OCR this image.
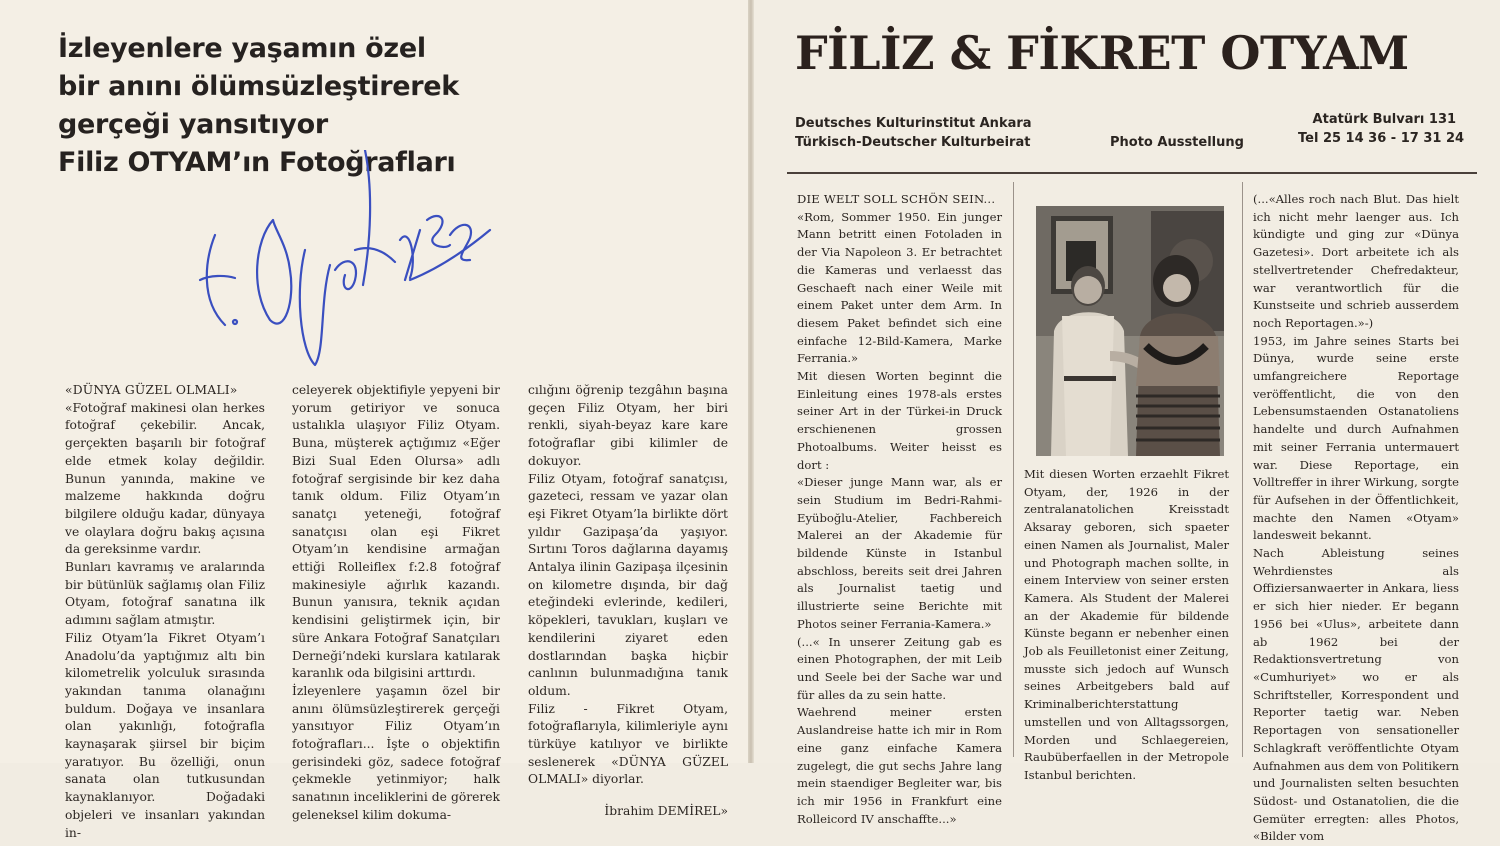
İzleyenlere yaşamın özel
bir anını ölümsüzleştirerek
gerçeği yansıtıyor
Filiz OTYAM’ın Fotoğrafları

«DÜNYA GÜZEL OLMALI»

«Fotoğraf makinesi olan herkes fotoğraf çekebilir. Ancak, gerçekten başarılı bir fotoğraf elde etmek kolay değildir. Bunun yanında, makine ve malzeme hakkında doğru bilgilere olduğu kadar, dünyaya ve olaylara doğru bakış açısına da gereksinme vardır.

Bunları kavramış ve aralarında bir bütünlük sağlamış olan Filiz Otyam, fotoğraf sanatına ilk adımını sağlam atmıştır.

Filiz Otyam’la Fikret Otyam’ı Anadolu’da yaptığımız altı bin kilometrelik yolculuk sırasında yakından tanıma olanağını buldum. Doğaya ve insanlara olan yakınlığı, fotoğrafla kaynaşarak şiirsel bir biçim yaratıyor. Bu özelliği, onun sanata olan tutkusundan kaynaklanıyor. Doğadaki objeleri ve insanları yakından in-

celeyerek objektifiyle yepyeni bir yorum getiriyor ve sonuca ustalıkla ulaşıyor Filiz Otyam. Buna, müşterek açtığımız «Eğer Bizi Sual Eden Olursa» adlı fotoğraf sergisinde bir kez daha tanık oldum. Filiz Otyam’ın sanatçı yeteneği, fotoğraf sanatçısı olan eşi Fikret Otyam’ın kendisine armağan ettiği Rolleiflex f:2.8 fotoğraf makinesiyle ağırlık kazandı. Bunun yanısıra, teknik açıdan kendisini geliştirmek için, bir süre Ankara Fotoğraf Sanatçıları Derneği’ndeki kurslara katılarak karanlık oda bilgisini arttırdı.

İzleyenlere yaşamın özel bir anını ölümsüzleştirerek gerçeği yansıtıyor Filiz Otyam’ın fotoğrafları... İşte o objektifin gerisindeki göz, sadece fotoğraf çekmekle yetinmiyor; halk sanatının inceliklerini de görerek geleneksel kilim dokuma-

cılığını öğrenip tezgâhın başına geçen Filiz Otyam, her biri renkli, siyah-beyaz kare kare fotoğraflar gibi kilimler de dokuyor.

Filiz Otyam, fotoğraf sanatçısı, gazeteci, ressam ve yazar olan eşi Fikret Otyam’la birlikte dört yıldır Gazipaşa’da yaşıyor. Sırtını Toros dağlarına dayamış Antalya ilinin Gazipaşa ilçesinin on kilometre dışında, bir dağ eteğindeki evlerinde, kedileri, köpekleri, tavukları, kuşları ve kendilerini ziyaret eden dostlarından başka hiçbir canlının bulunmadığına tanık oldum.

Filiz - Fikret Otyam, fotoğraflarıyla, kilimleriyle aynı türküye katılıyor ve birlikte seslenerek «DÜNYA GÜZEL OLMALI» diyorlar.

İbrahim DEMİREL»

FİLİZ & FİKRET OTYAM
Deutsches Kulturinstitut Ankara
Türkisch-Deutscher Kulturbeirat	Photo Ausstellung
Atatürk Bulvarı 131
Tel 25 14 36 - 17 31 24

DIE WELT SOLL SCHÖN SEIN...

«Rom, Sommer 1950. Ein junger Mann betritt einen Fotoladen in der Via Napoleon 3. Er betrachtet die Kameras und verlaesst das Geschaeft nach einer Weile mit einem Paket unter dem Arm. In diesem Paket befindet sich eine einfache 12-Bild-Kamera, Marke Ferrania.»

Mit diesen Worten beginnt die Einleitung eines 1978-als erstes seiner Art in der Türkei-in Druck erschienenen grossen Photoalbums. Weiter heisst es dort :

«Dieser junge Mann war, als er sein Studium im Bedri-Rahmi-Eyüboğlu-Atelier, Fachbereich Malerei an der Akademie für bildende Künste in Istanbul abschloss, bereits seit drei Jahren als Journalist taetig und illustrierte seine Berichte mit Photos seiner Ferrania-Kamera.»

(...« In unserer Zeitung gab es einen Photographen, der mit Leib und Seele bei der Sache war und für alles da zu sein hatte.

Waehrend meiner ersten Auslandreise hatte ich mir in Rom eine ganz einfache Kamera zugelegt, die gut sechs Jahre lang mein staendiger Begleiter war, bis ich mir 1956 in Frankfurt eine Rolleicord IV anschaffte...»

Mit diesen Worten erzaehlt Fikret Otyam, der, 1926 in der zentralanatolichen Kreisstadt Aksaray geboren, sich spaeter einen Namen als Journalist, Maler und Photograph machen sollte, in einem Interview von seiner ersten Kamera. Als Student der Malerei an der Akademie für bildende Künste begann er nebenher einen Job als Feuilletonist einer Zeitung, musste sich jedoch auf Wunsch seines Arbeitgebers bald auf Kriminalberichterstattung umstellen und von Alltagssorgen, Morden und Schlaegereien, Raubüberfaellen in der Metropole Istanbul berichten.

(...«Alles roch nach Blut. Das hielt ich nicht mehr laenger aus. Ich kündigte und ging zur «Dünya Gazetesi». Dort arbeitete ich als stellvertretender Chefredakteur, war verantwortlich für die Kunstseite und schrieb ausserdem noch Reportagen.»-)

1953, im Jahre seines Starts bei Dünya, wurde seine erste umfangreichere Reportage veröffentlicht, die von den Lebensumstaenden Ostanatoliens handelte und durch Aufnahmen mit seiner Ferrania untermauert war. Diese Reportage, ein Volltreffer in ihrer Wirkung, sorgte für Aufsehen in der Öffentlichkeit, machte den Namen «Otyam» landesweit bekannt.

Nach Ableistung seines Wehrdienstes als Offiziersanwaerter in Ankara, liess er sich hier nieder. Er begann 1956 bei «Ulus», arbeitete dann ab 1962 bei der Redaktionsvertretung von «Cumhuriyet» wo er als Schriftsteller, Korrespondent und Reporter taetig war. Neben Reportagen von sensationeller Schlagkraft veröffentlichte Otyam Aufnahmen aus dem von Politikern und Journalisten selten besuchten Südost- und Ostanatolien, die die Gemüter erregten: alles Photos, «Bilder vom
